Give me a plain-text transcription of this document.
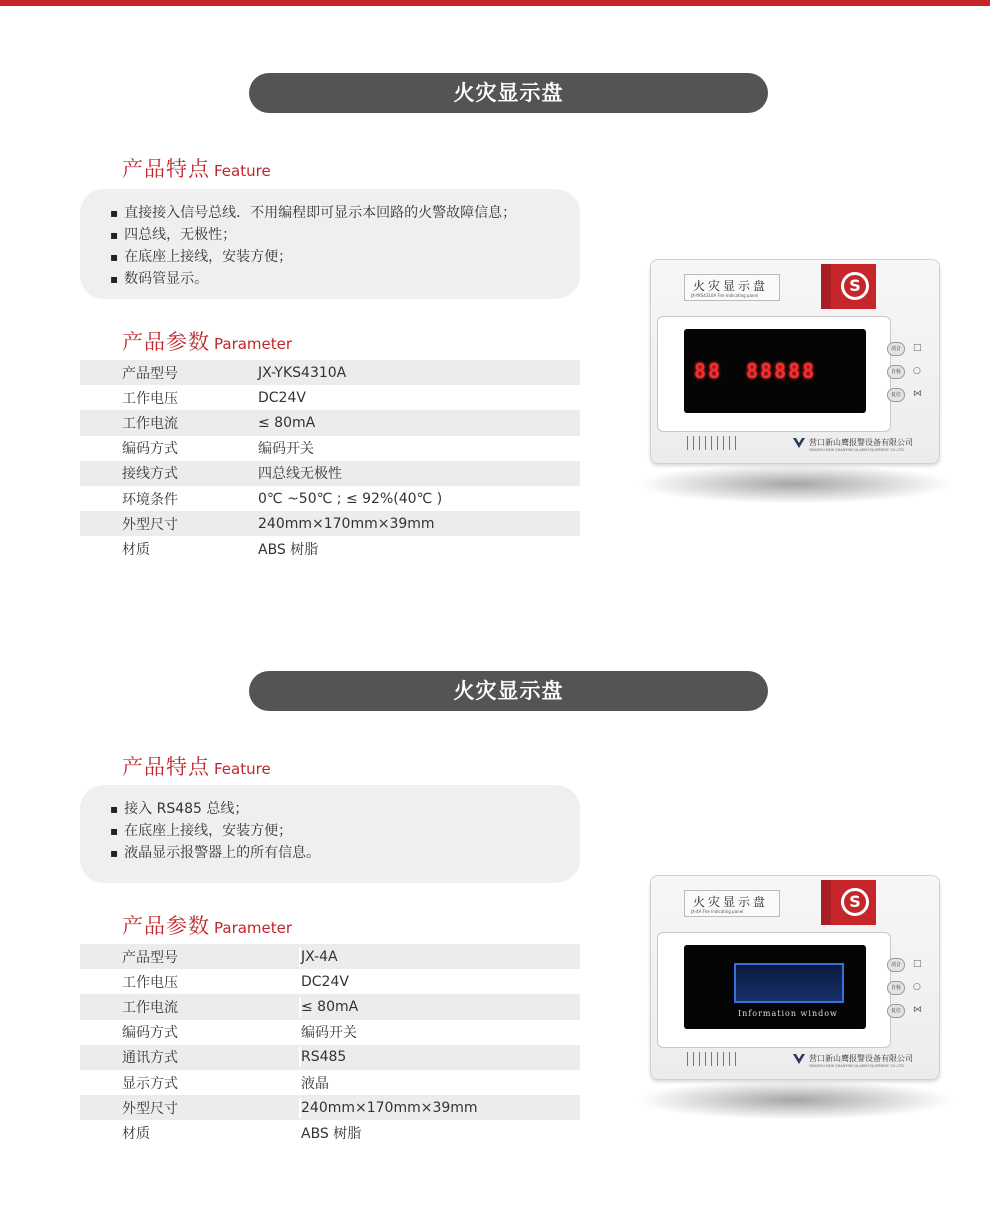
火灾显示盘
产品特点 Feature
▪ 直接接入信号总线．不用编程即可显示本回路的火警故障信息；
▪ 四总线，无极性；
▪ 在底座上接线，安装方便；
▪ 数码管显示。
产品参数 Parameter
产品型号	JX-YKS4310A
工作电压	DC24V
工作电流	≤ 80mA
编码方式	编码开关
接线方式	四总线无极性
环境条件	0℃ ~50℃ ; ≤ 92%(40℃ )
外型尺寸	240mm×170mm×39mm
材质	ABS 树脂
火灾显示盘
JX-YKS4310A Fire Indicating panel
S
88 88888
消音
自检
复位
□
○
⋈
营口新山鹰报警设备有限公司
YINGKOU NEW SHANYING ALARM EQUIPMENT CO.,LTD.
火灾显示盘
产品特点 Feature
▪ 接入 RS485 总线；
▪ 在底座上接线，安装方便；
▪ 液晶显示报警器上的所有信息。
产品参数 Parameter
产品型号	JX-4A
工作电压	DC24V
工作电流	≤ 80mA
编码方式	编码开关
通讯方式	RS485
显示方式	液晶
外型尺寸	240mm×170mm×39mm
材质	ABS 树脂
火灾显示盘
JX-4A Fire Indicating panel
S
Information window
消音
自检
复位
□
○
⋈
营口新山鹰报警设备有限公司
YINGKOU NEW SHANYING ALARM EQUIPMENT CO.,LTD.
